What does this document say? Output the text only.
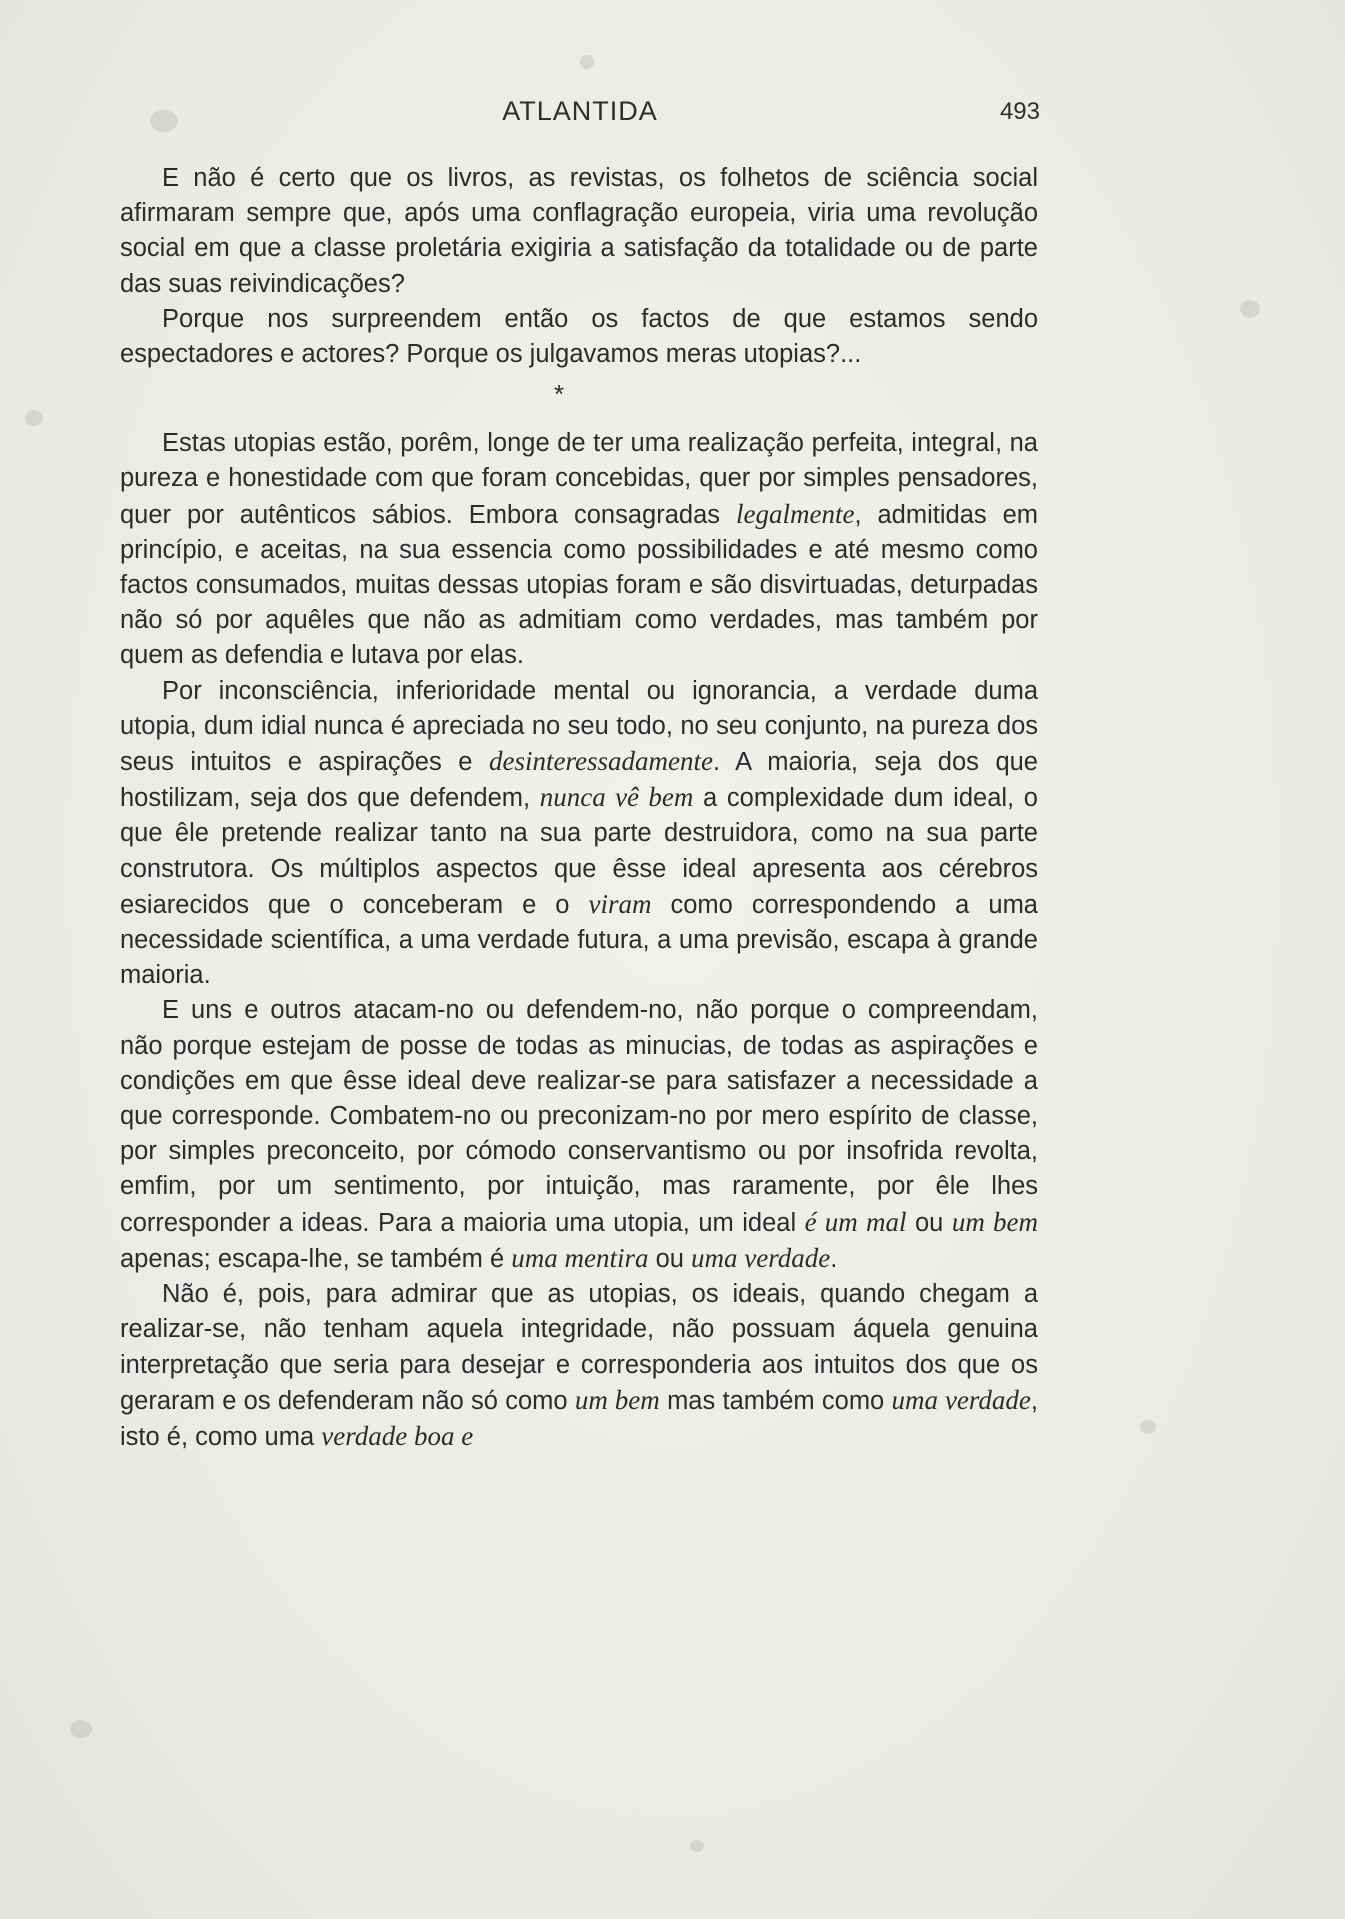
ATLANTIDA	493

E não é certo que os livros, as revistas, os folhetos de sciência social afirmaram sempre que, após uma conflagração europeia, viria uma revolução social em que a classe proletária exigiria a satisfação da totalidade ou de parte das suas reivindicações?

Porque nos surpreendem então os factos de que estamos sendo espectadores e actores? Porque os julgavamos meras utopias?...

*

Estas utopias estão, porêm, longe de ter uma realização perfeita, integral, na pureza e honestidade com que foram concebidas, quer por simples pensadores, quer por autênticos sábios. Embora consagradas legalmente, admitidas em princípio, e aceitas, na sua essencia como possibilidades e até mesmo como factos consumados, muitas dessas utopias foram e são disvirtuadas, deturpadas não só por aquêles que não as admitiam como verdades, mas também por quem as defendia e lutava por elas.

Por inconsciência, inferioridade mental ou ignorancia, a verdade duma utopia, dum idial nunca é apreciada no seu todo, no seu conjunto, na pureza dos seus intuitos e aspirações e desinteressadamente. A maioria, seja dos que hostilizam, seja dos que defendem, nunca vê bem a complexidade dum ideal, o que êle pretende realizar tanto na sua parte destruidora, como na sua parte construtora. Os múltiplos aspectos que êsse ideal apresenta aos cérebros esiarecidos que o conceberam e o viram como correspondendo a uma necessidade scientífica, a uma verdade futura, a uma previsão, escapa à grande maioria.

E uns e outros atacam-no ou defendem-no, não porque o compreendam, não porque estejam de posse de todas as minucias, de todas as aspirações e condições em que êsse ideal deve realizar-se para satisfazer a necessidade a que corresponde. Combatem-no ou preconizam-no por mero espírito de classe, por simples preconceito, por cómodo conservantismo ou por insofrida revolta, emfim, por um sentimento, por intuição, mas raramente, por êle lhes corresponder a ideas. Para a maioria uma utopia, um ideal é um mal ou um bem apenas; escapa-lhe, se também é uma mentira ou uma verdade.

Não é, pois, para admirar que as utopias, os ideais, quando chegam a realizar-se, não tenham aquela integridade, não possuam áquela genuina interpretação que seria para desejar e corresponderia aos intuitos dos que os geraram e os defenderam não só como um bem mas também como uma verdade, isto é, como uma verdade boa e
